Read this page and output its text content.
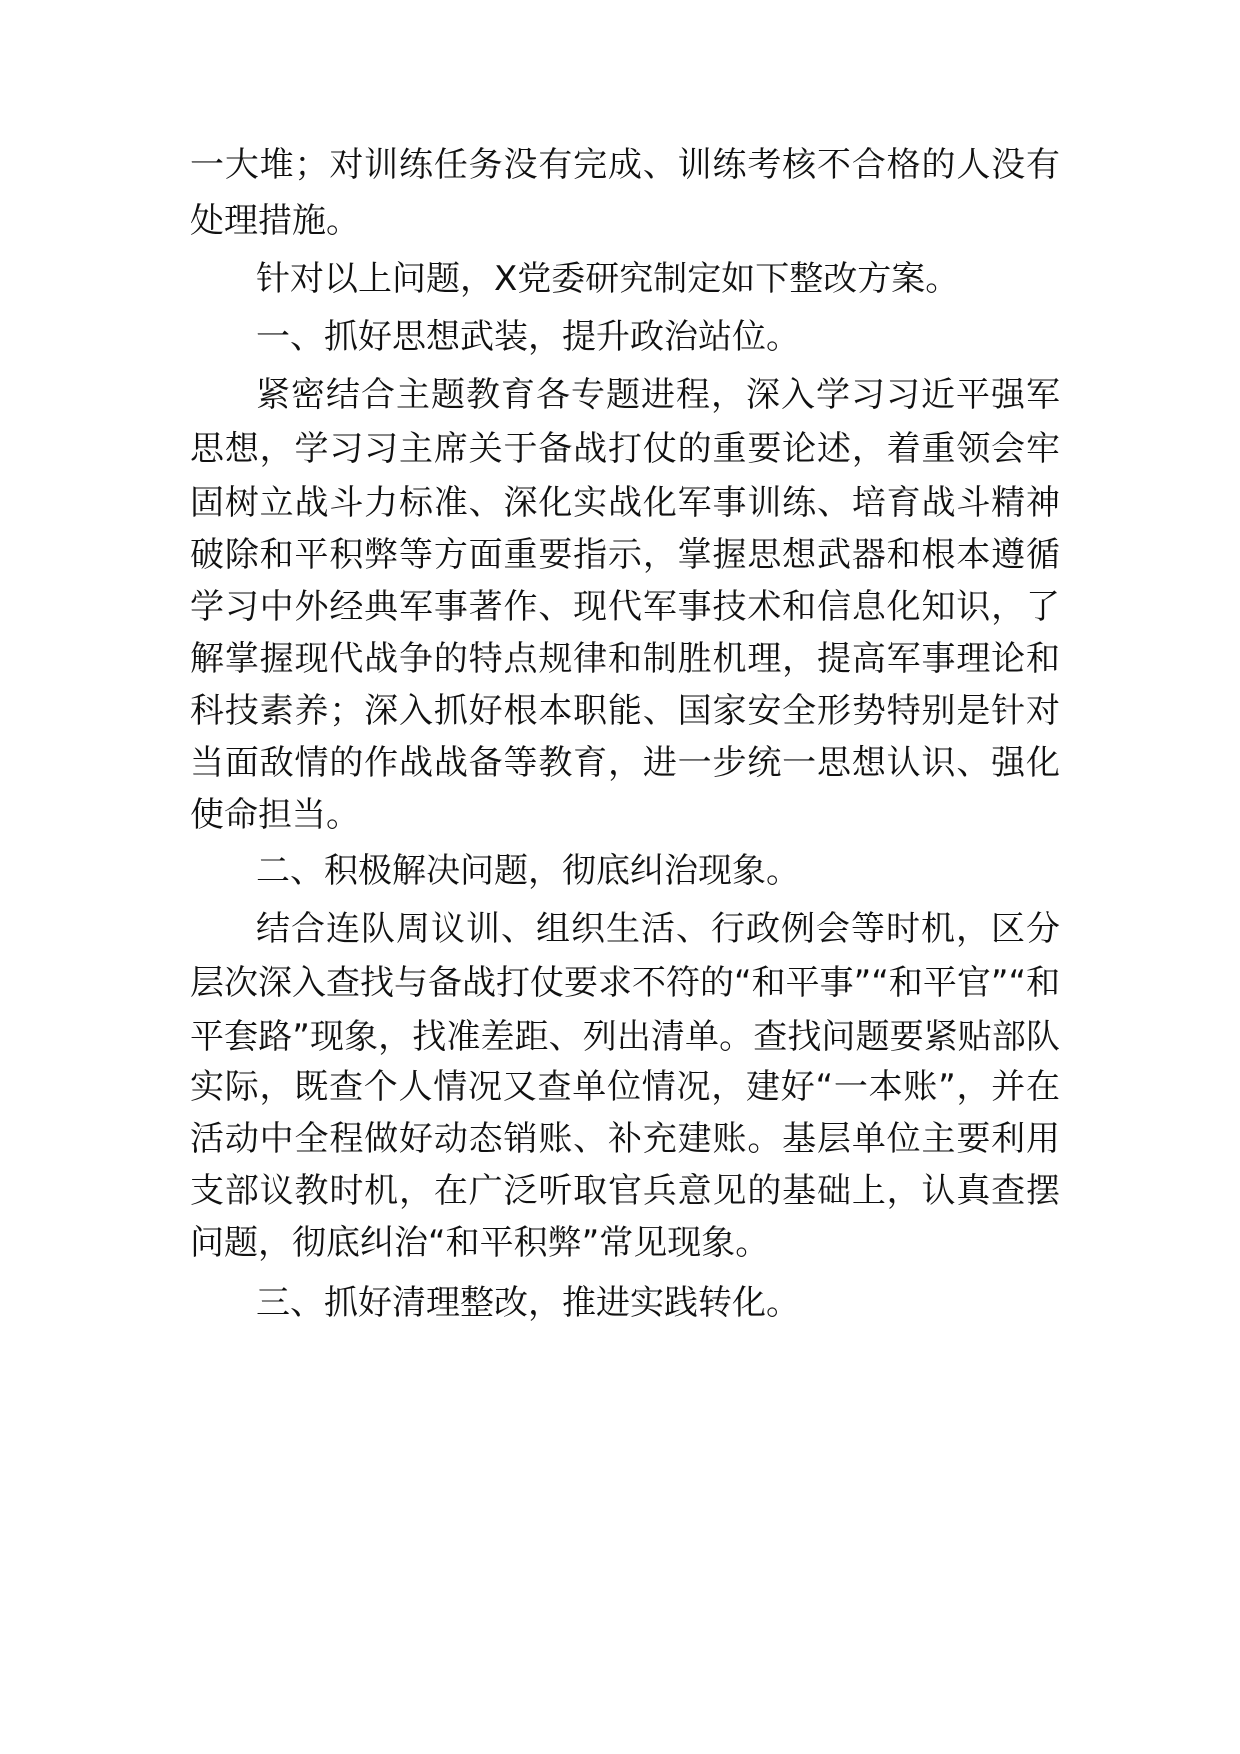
一大堆；对训练任务没有完成、训练考核不合格的人没有
处理措施。
针对以上问题，X党委研究制定如下整改方案。
一、抓好思想武装，提升政治站位。
紧密结合主题教育各专题进程，深入学习习近平强军
思想，学习习主席关于备战打仗的重要论述，着重领会牢
固树立战斗力标准、深化实战化军事训练、培育战斗精神
破除和平积弊等方面重要指示，掌握思想武器和根本遵循
学习中外经典军事著作、现代军事技术和信息化知识，了
解掌握现代战争的特点规律和制胜机理，提高军事理论和
科技素养；深入抓好根本职能、国家安全形势特别是针对
当面敌情的作战战备等教育，进一步统一思想认识、强化
使命担当。
二、积极解决问题，彻底纠治现象。
结合连队周议训、组织生活、行政例会等时机，区分
层次深入查找与备战打仗要求不符的“和平事”“和平官”“和
平套路”现象，找准差距、列出清单。查找问题要紧贴部队
实际，既查个人情况又查单位情况，建好“一本账”，并在
活动中全程做好动态销账、补充建账。基层单位主要利用
支部议教时机，在广泛听取官兵意见的基础上，认真查摆
问题，彻底纠治“和平积弊”常见现象。
三、抓好清理整改，推进实践转化。
